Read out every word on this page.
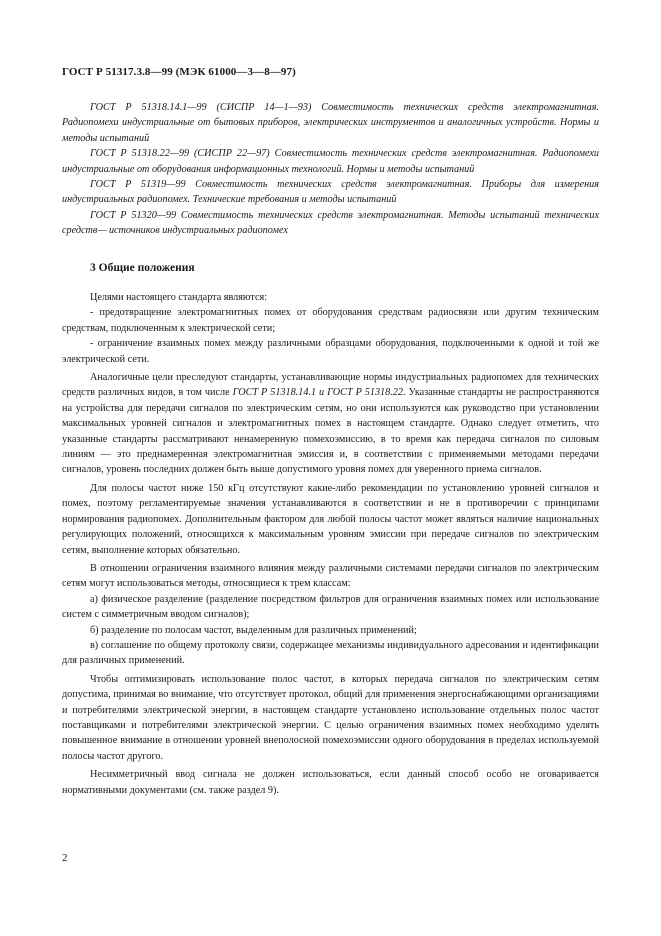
ГОСТ Р 51317.3.8—99 (МЭК 61000—3—8—97)

ГОСТ Р 51318.14.1—99 (СИСПР 14—1—93) Совместимость технических средств электромагнитная. Радиопомехи индустриальные от бытовых приборов, электрических инструментов и аналогичных устройств. Нормы и методы испытаний

ГОСТ Р 51318.22—99 (СИСПР 22—97) Совместимость технических средств электромагнитная. Радиопомехи индустриальные от оборудования информационных технологий. Нормы и методы испытаний

ГОСТ Р 51319—99 Совместимость технических средств электромагнитная. Приборы для измерения индустриальных радиопомех. Технические требования и методы испытаний

ГОСТ Р 51320—99 Совместимость технических средств электромагнитная. Методы испытаний технических средств— источников индустриальных радиопомех

3 Общие положения

Целями настоящего стандарта являются:

- предотвращение электромагнитных помех от оборудования средствам радиосвязи или другим техническим средствам, подключенным к электрической сети;

- ограничение взаимных помех между различными образцами оборудования, подключенными к одной и той же электрической сети.

Аналогичные цели преследуют стандарты, устанавливающие нормы индустриальных радиопомех для технических средств различных видов, в том числе ГОСТ Р 51318.14.1 и ГОСТ Р 51318.22. Указанные стандарты не распространяются на устройства для передачи сигналов по электрическим сетям, но они используются как руководство при установлении максимальных уровней сигналов и электромагнитных помех в настоящем стандарте. Однако следует отметить, что указанные стандарты рассматривают ненамеренную помехоэмиссию, в то время как передача сигналов по силовым линиям — это преднамеренная электромагнитная эмиссия и, в соответствии с применяемыми методами передачи сигналов, уровень последних должен быть выше допустимого уровня помех для уверенного приема сигналов.

Для полосы частот ниже 150 кГц отсутствуют какие-либо рекомендации по установлению уровней сигналов и помех, поэтому регламентируемые значения устанавливаются в соответствии и не в противоречии с принципами нормирования радиопомех. Дополнительным фактором для любой полосы частот может являться наличие национальных регулирующих положений, относящихся к максимальным уровням эмиссии при передаче сигналов по электрическим сетям, выполнение которых обязательно.

В отношении ограничения взаимного влияния между различными системами передачи сигналов по электрическим сетям могут использоваться методы, относящиеся к трем классам:

а) физическое разделение (разделение посредством фильтров для ограничения взаимных помех или использование систем с симметричным вводом сигналов);

б) разделение по полосам частот, выделенным для различных применений;

в) соглашение по общему протоколу связи, содержащее механизмы индивидуального адресования и идентификации для различных применений.

Чтобы оптимизировать использование полос частот, в которых передача сигналов по электрическим сетям допустима, принимая во внимание, что отсутствует протокол, общий для применения энергоснабжающими организациями и потребителями электрической энергии, в настоящем стандарте установлено использование отдельных полос частот поставщиками и потребителями электрической энергии. С целью ограничения взаимных помех необходимо уделять повышенное внимание в отношении уровней внеполосной помехоэмиссии одного оборудования в пределах используемой полосы частот другого.

Несимметричный ввод сигнала не должен использоваться, если данный способ особо не оговаривается нормативными документами (см. также раздел 9).

2
